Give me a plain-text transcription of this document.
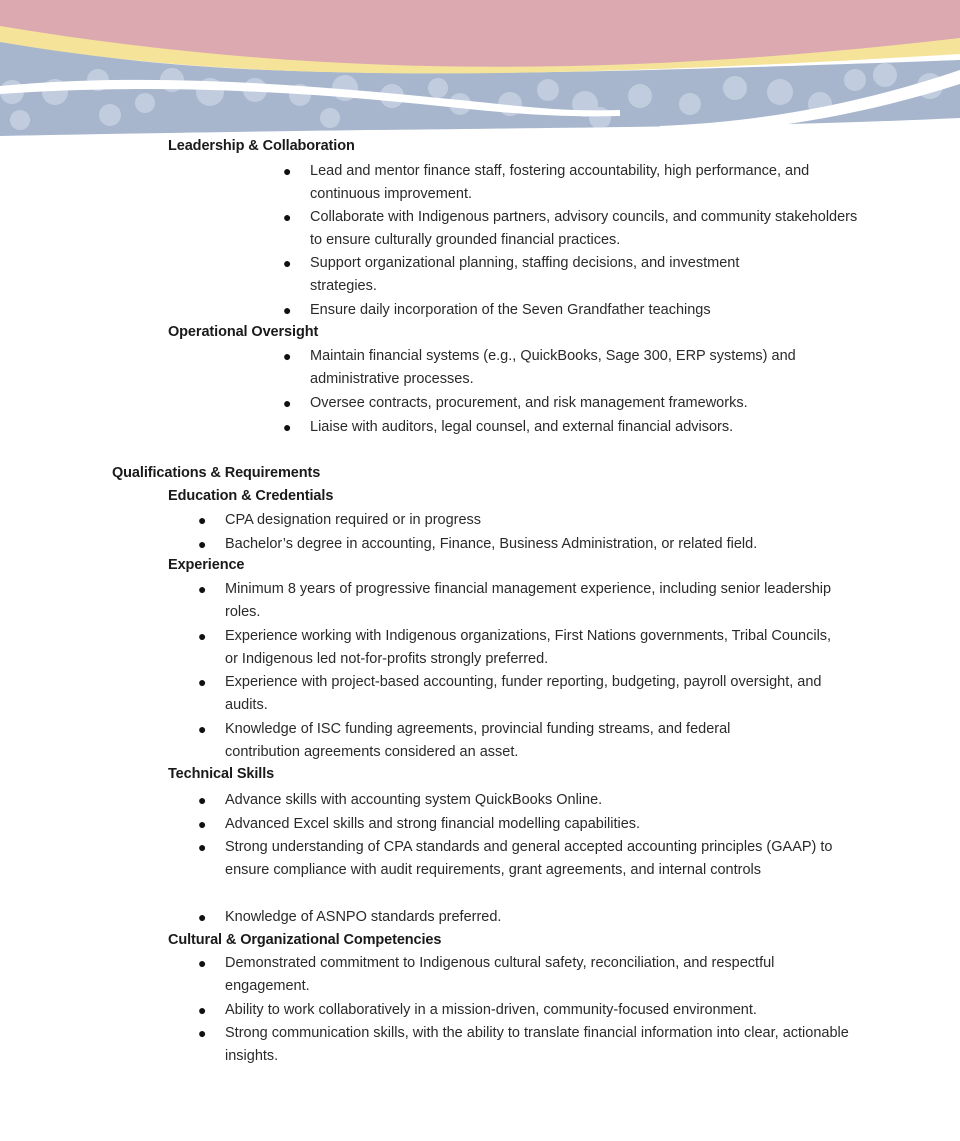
Leadership & Collaboration
● Lead and mentor finance staff, fostering accountability, high performance, and continuous improvement.
● Collaborate with Indigenous partners, advisory councils, and community stakeholders to ensure culturally grounded financial practices.
● Support organizational planning, staffing decisions, and investment strategies.
● Ensure daily incorporation of the Seven Grandfather teachings
Operational Oversight
● Maintain financial systems (e.g., QuickBooks, Sage 300, ERP systems) and administrative processes.
● Oversee contracts, procurement, and risk management frameworks.
● Liaise with auditors, legal counsel, and external financial advisors.
Qualifications & Requirements
Education & Credentials
● CPA designation required or in progress
● Bachelor’s degree in accounting, Finance, Business Administration, or related field.
Experience
● Minimum 8 years of progressive financial management experience, including senior leadership roles.
● Experience working with Indigenous organizations, First Nations governments, Tribal Councils, or Indigenous led not-for-profits strongly preferred.
● Experience with project-based accounting, funder reporting, budgeting, payroll oversight, and audits.
● Knowledge of ISC funding agreements, provincial funding streams, and federal contribution agreements considered an asset.
Technical Skills
● Advance skills with accounting system QuickBooks Online.
● Advanced Excel skills and strong financial modelling capabilities.
● Strong understanding of CPA standards and general accepted accounting principles (GAAP) to ensure compliance with audit requirements, grant agreements, and internal controls
● Knowledge of ASNPO standards preferred.
Cultural & Organizational Competencies
● Demonstrated commitment to Indigenous cultural safety, reconciliation, and respectful engagement.
● Ability to work collaboratively in a mission-driven, community-focused environment.
● Strong communication skills, with the ability to translate financial information into clear, actionable insights.
